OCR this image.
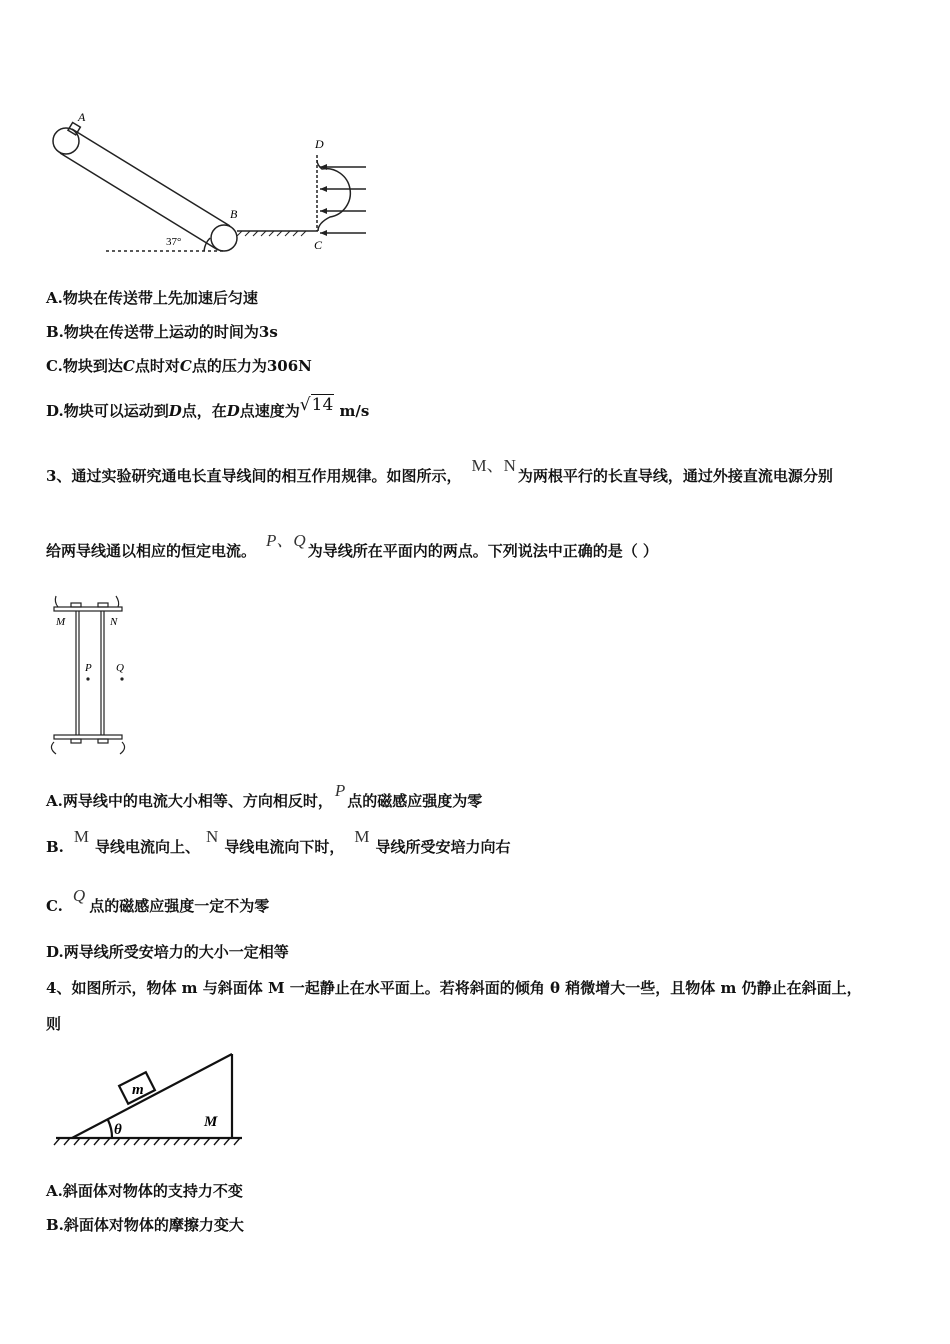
A
B
C
D
37°
A.物块在传送带上先加速后匀速
B.物块在传送带上运动的时间为3s
C.物块到达C点时对C点的压力为306N
D.物块可以运动到D点，在D点速度为√14 m/s
3、通过实验研究通电长直导线间的相互作用规律。如图所示，M、N为两根平行的长直导线，通过外接直流电源分别
给两导线通以相应的恒定电流。P、Q为导线所在平面内的两点。下列说法中正确的是（ ）
M	N
P Q
A.两导线中的电流大小相等、方向相反时，P点的磁感应强度为零
B.M导线电流向上、N导线电流向下时，M导线所受安培力向右
C.Q点的磁感应强度一定不为零
D.两导线所受安培力的大小一定相等
4、如图所示，物体 m 与斜面体 M 一起静止在水平面上。若将斜面的倾角 θ 稍微增大一些，且物体 m 仍静止在斜面上，
则
m
M
θ
A.斜面体对物体的支持力不变
B.斜面体对物体的摩擦力变大
